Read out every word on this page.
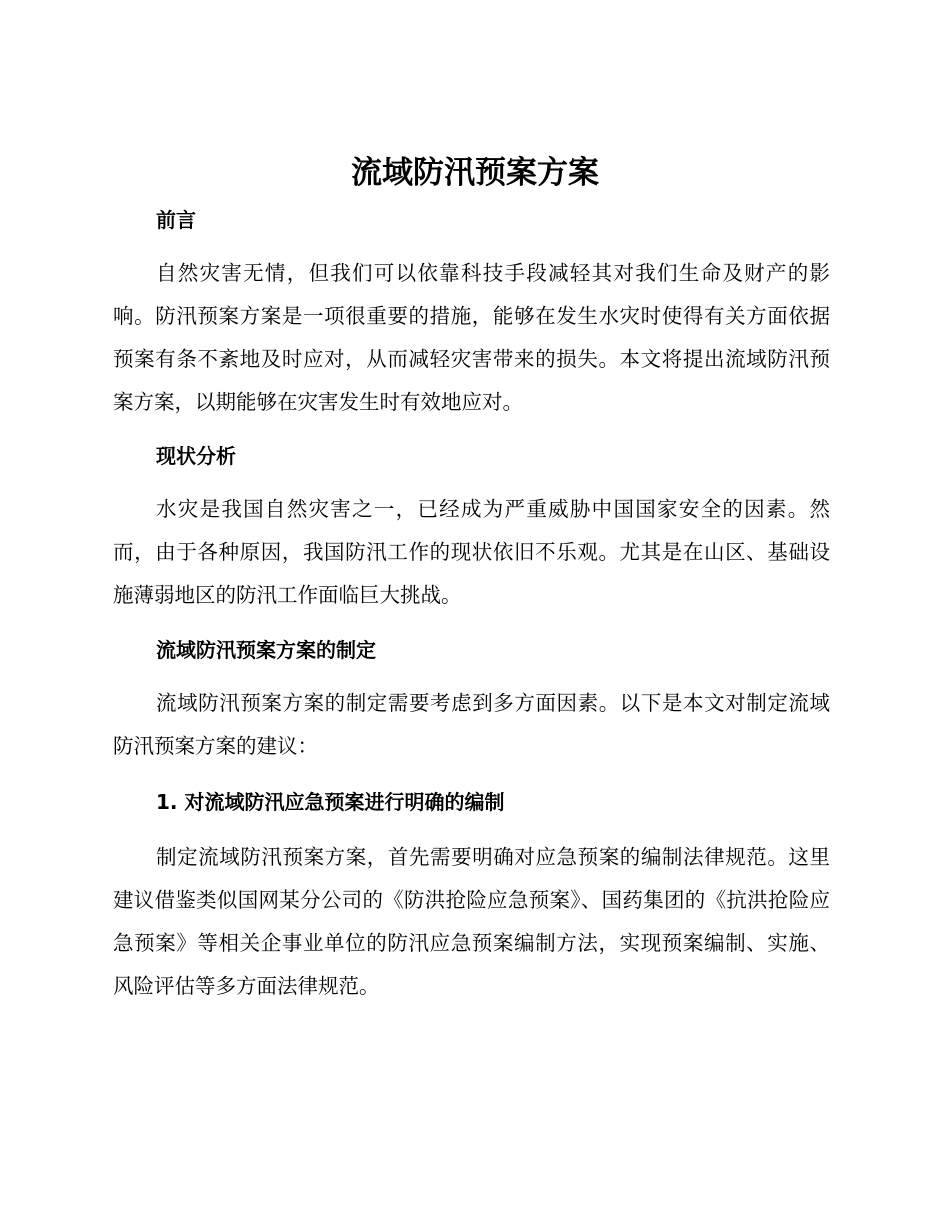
流域防汛预案方案
前言

自然灾害无情，但我们可以依靠科技手段减轻其对我们生命及财产的影响。防汛预案方案是一项很重要的措施，能够在发生水灾时使得有关方面依据预案有条不紊地及时应对，从而减轻灾害带来的损失。本文将提出流域防汛预案方案，以期能够在灾害发生时有效地应对。

现状分析

水灾是我国自然灾害之一，已经成为严重威胁中国国家安全的因素。然而，由于各种原因，我国防汛工作的现状依旧不乐观。尤其是在山区、基础设施薄弱地区的防汛工作面临巨大挑战。

流域防汛预案方案的制定

流域防汛预案方案的制定需要考虑到多方面因素。以下是本文对制定流域防汛预案方案的建议：

1. 对流域防汛应急预案进行明确的编制

制定流域防汛预案方案，首先需要明确对应急预案的编制法律规范。这里建议借鉴类似国网某分公司的《防洪抢险应急预案》、国药集团的《抗洪抢险应急预案》等相关企事业单位的防汛应急预案编制方法，实现预案编制、实施、风险评估等多方面法律规范。
